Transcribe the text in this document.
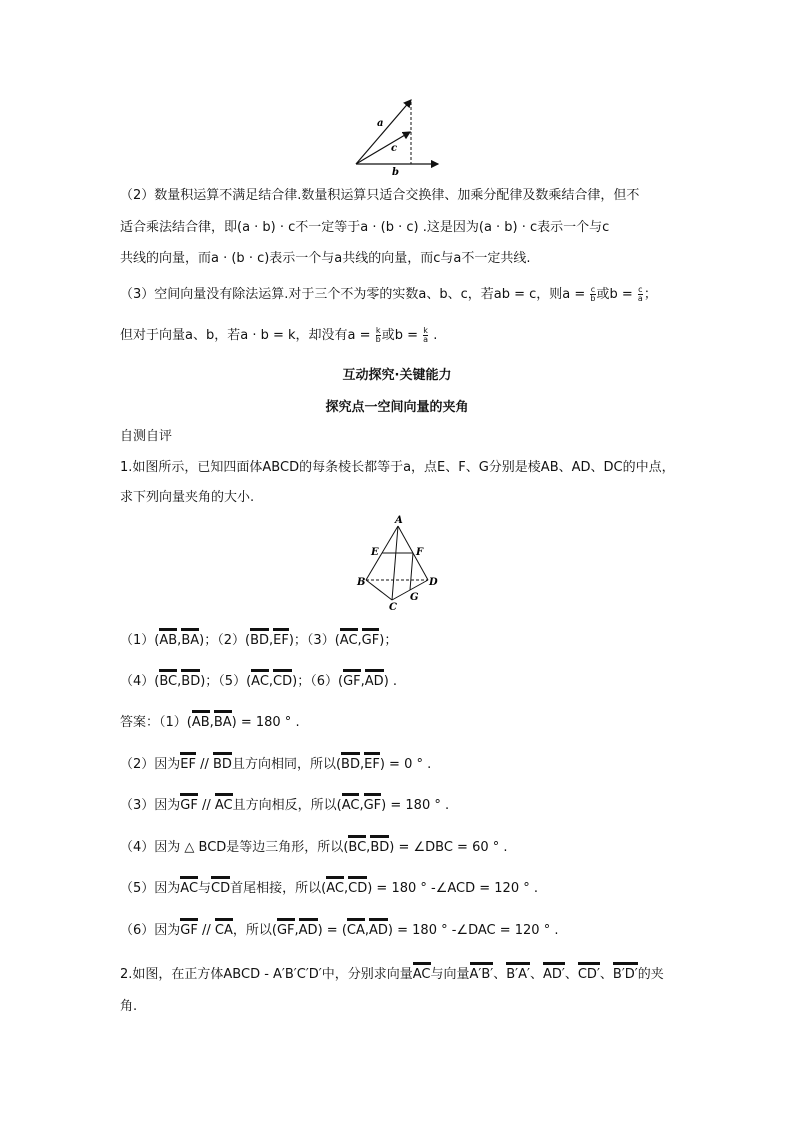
a
c
b
（2）数量积运算不满足结合律.数量积运算只适合交换律、加乘分配律及数乘结合律，但不
适合乘法结合律，即(a · b) · c不一定等于a · (b · c) .这是因为(a · b) · c表示一个与c
共线的向量，而a · (b · c)表示一个与a共线的向量，而c与a不一定共线.
（3）空间向量没有除法运算.对于三个不为零的实数a、b、c，若ab = c，则$a = \frac{c}{b}$ 或$b = \frac{c}{a}$ ；
但对于向量a、b，若a · b = k，却没有$a = \frac{k}{b}$ 或$b = \frac{k}{a}$ .
互动探究·关键能力
探究点一空间向量的夹角
自测自评
1.如图所示，已知四面体ABCD的每条棱长都等于a，点E、F、G分别是棱AB、AD、DC的中点，
求下列向量夹角的大小.
A
E	F
B	D
G
C
（1）(AB,BA)；（2）(BD,EF)；（3）(AC,GF)；
（4）(BC,BD)；（5）(AC,CD)；（6）(GF,AD) .
答案：（1）(AB,BA) = 180 ° .
（2）因为EF // BD且方向相同，所以(BD,EF) = 0 ° .
（3）因为GF // AC且方向相反，所以(AC,GF) = 180 ° .
（4）因为 △ BCD是等边三角形，所以(BC,BD) = ∠DBC = 60 ° .
（5）因为AC与CD首尾相接，所以(AC,CD) = 180 ° -∠ACD = 120 ° .
（6）因为GF // CA，所以(GF,AD) = (CA,AD) = 180 ° -∠DAC = 120 ° .
2.如图，在正方体ABCD - A′B′C′D′中，分别求向量AC与向量A′B′、B′A′、AD′、CD′、B′D′的夹
角.
